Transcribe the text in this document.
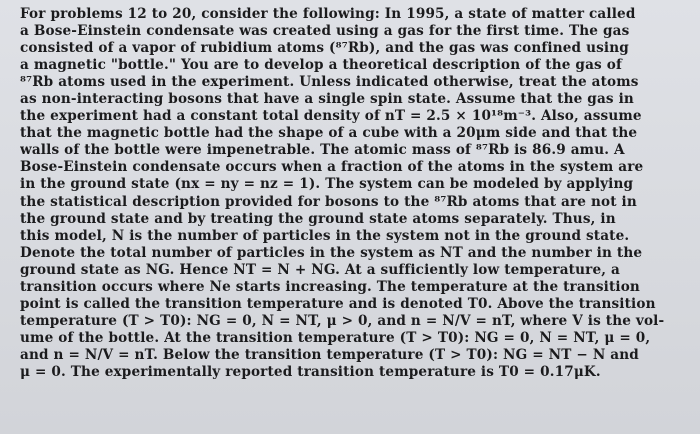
For problems 12 to 20, consider the following: In 1995, a state of matter called
a Bose-Einstein condensate was created using a gas for the first time. The gas
consisted of a vapor of rubidium atoms (⁸⁷Rb), and the gas was confined using
a magnetic "bottle." You are to develop a theoretical description of the gas of
⁸⁷Rb atoms used in the experiment. Unless indicated otherwise, treat the atoms
as non-interacting bosons that have a single spin state. Assume that the gas in
the experiment had a constant total density of nT = 2.5 × 10¹⁸m⁻³. Also, assume
that the magnetic bottle had the shape of a cube with a 20μm side and that the
walls of the bottle were impenetrable. The atomic mass of ⁸⁷Rb is 86.9 amu. A
Bose-Einstein condensate occurs when a fraction of the atoms in the system are
in the ground state (nx = ny = nz = 1). The system can be modeled by applying
the statistical description provided for bosons to the ⁸⁷Rb atoms that are not in
the ground state and by treating the ground state atoms separately. Thus, in
this model, N is the number of particles in the system not in the ground state.
Denote the total number of particles in the system as NT and the number in the
ground state as NG. Hence NT = N + NG. At a sufficiently low temperature, a
transition occurs where Ne starts increasing. The temperature at the transition
point is called the transition temperature and is denoted T0. Above the transition
temperature (T > T0): NG = 0, N = NT, μ > 0, and n = N/V = nT, where V is the vol-
ume of the bottle. At the transition temperature (T > T0): NG = 0, N = NT, μ = 0,
and n = N/V = nT. Below the transition temperature (T > T0): NG = NT − N and
μ = 0. The experimentally reported transition temperature is T0 = 0.17μK.
